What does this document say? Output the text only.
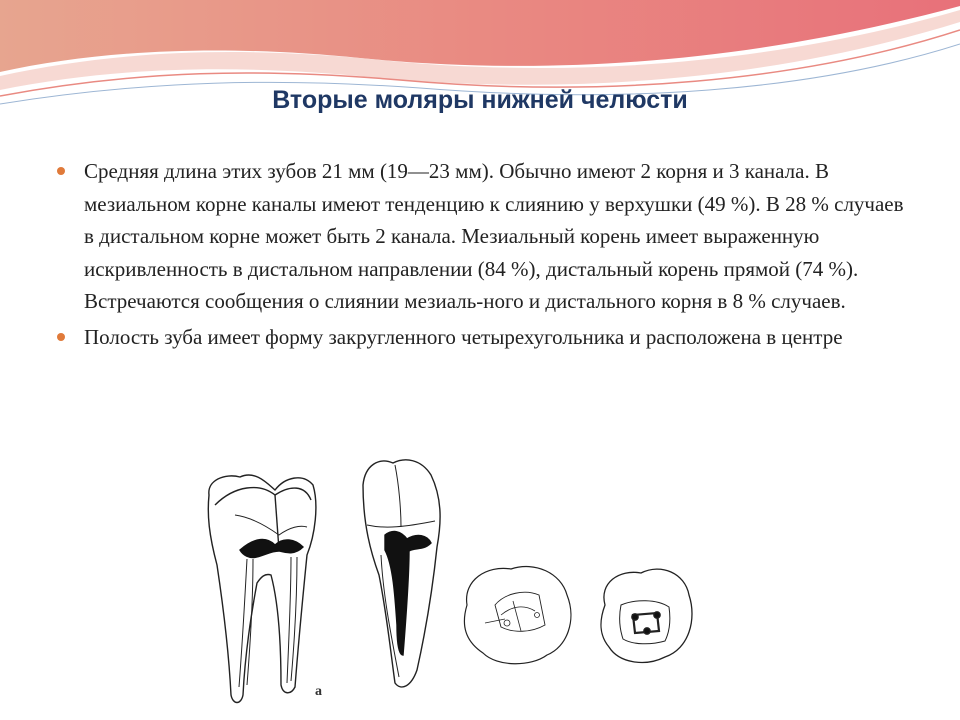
Вторые моляры нижней челюсти
Средняя длина этих зубов 21 мм (19—23 мм). Обычно имеют 2 корня и 3 канала. В мезиальном корне каналы имеют тенденцию к слиянию у верхушки (49 %). В 28 % случаев в дистальном корне может быть 2 канала. Мезиальный корень имеет выраженную искривленность в дистальном направлении (84 %), дистальный корень прямой (74 %). Встречаются сообщения о слиянии мезиаль-ного и дистального корня в 8 % случаев.
Полость зуба имеет форму закругленного четырехугольника и расположена в центре
a
